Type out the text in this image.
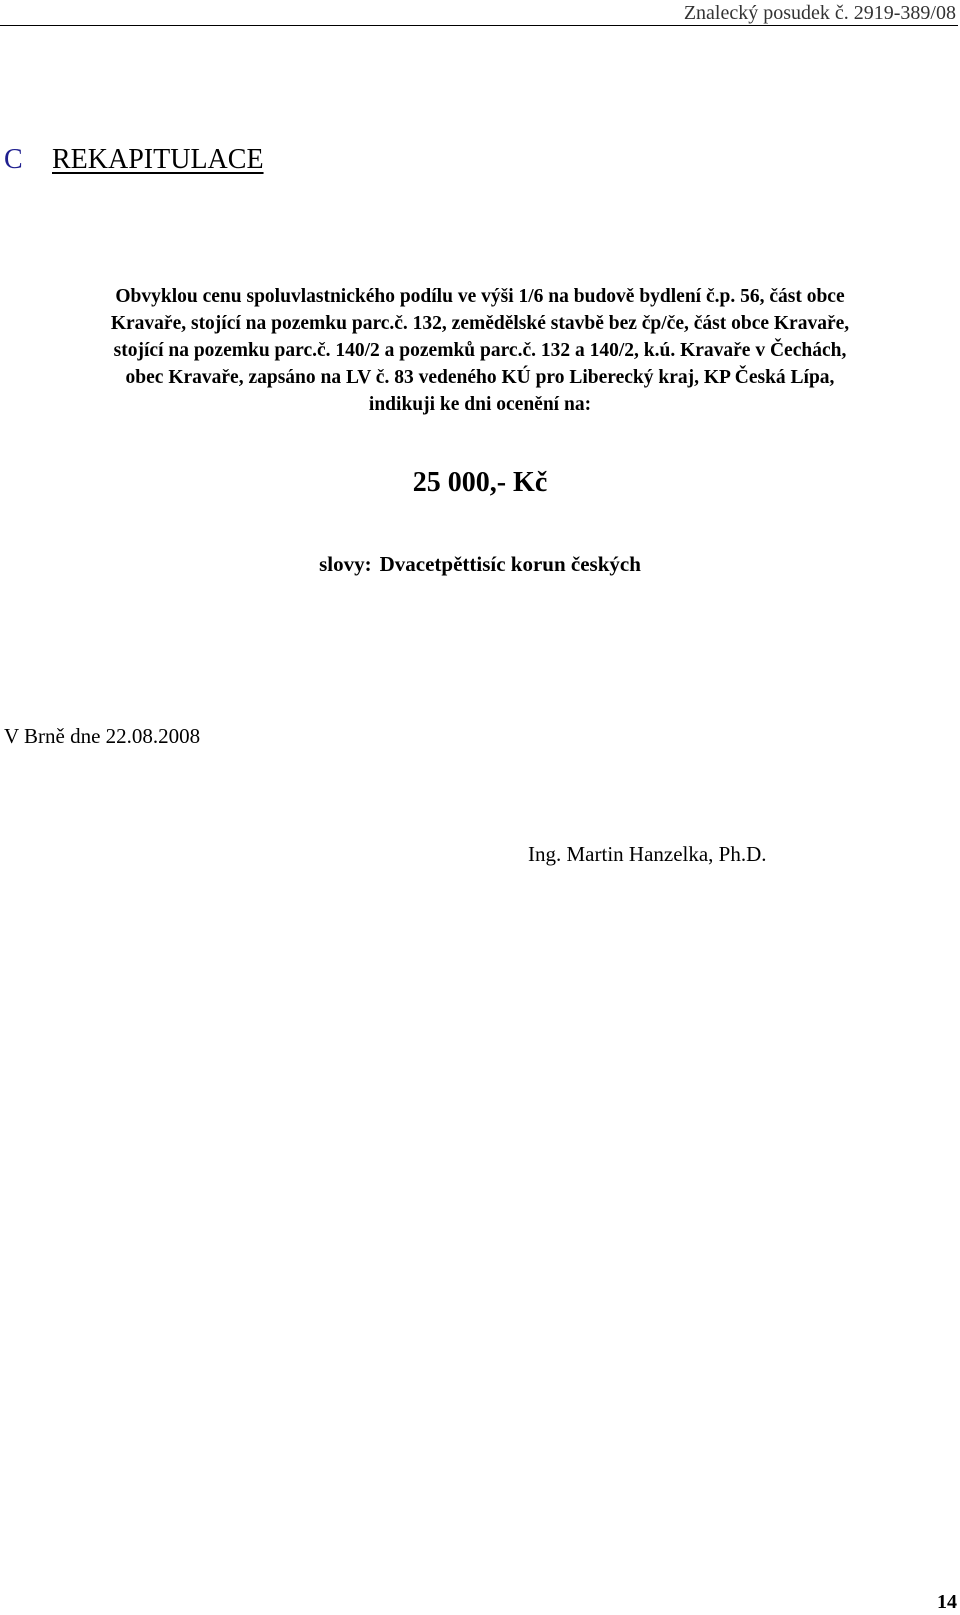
Znalecký posudek č. 2919-389/08
C REKAPITULACE

Obvyklou cenu spoluvlastnického podílu ve výši 1/6 na budově bydlení č.p. 56, část obce
Kravaře, stojící na pozemku parc.č. 132, zemědělské stavbě bez čp/če, část obce Kravaře,
stojící na pozemku parc.č. 140/2 a pozemků parc.č. 132 a 140/2, k.ú. Kravaře v Čechách,
obec Kravaře, zapsáno na LV č. 83 vedeného KÚ pro Liberecký kraj, KP Česká Lípa,
indikuji ke dni ocenění na:

25 000,- Kč
slovy: Dvacetpěttisíc korun českých
V Brně dne 22.08.2008
Ing. Martin Hanzelka, Ph.D.
14
